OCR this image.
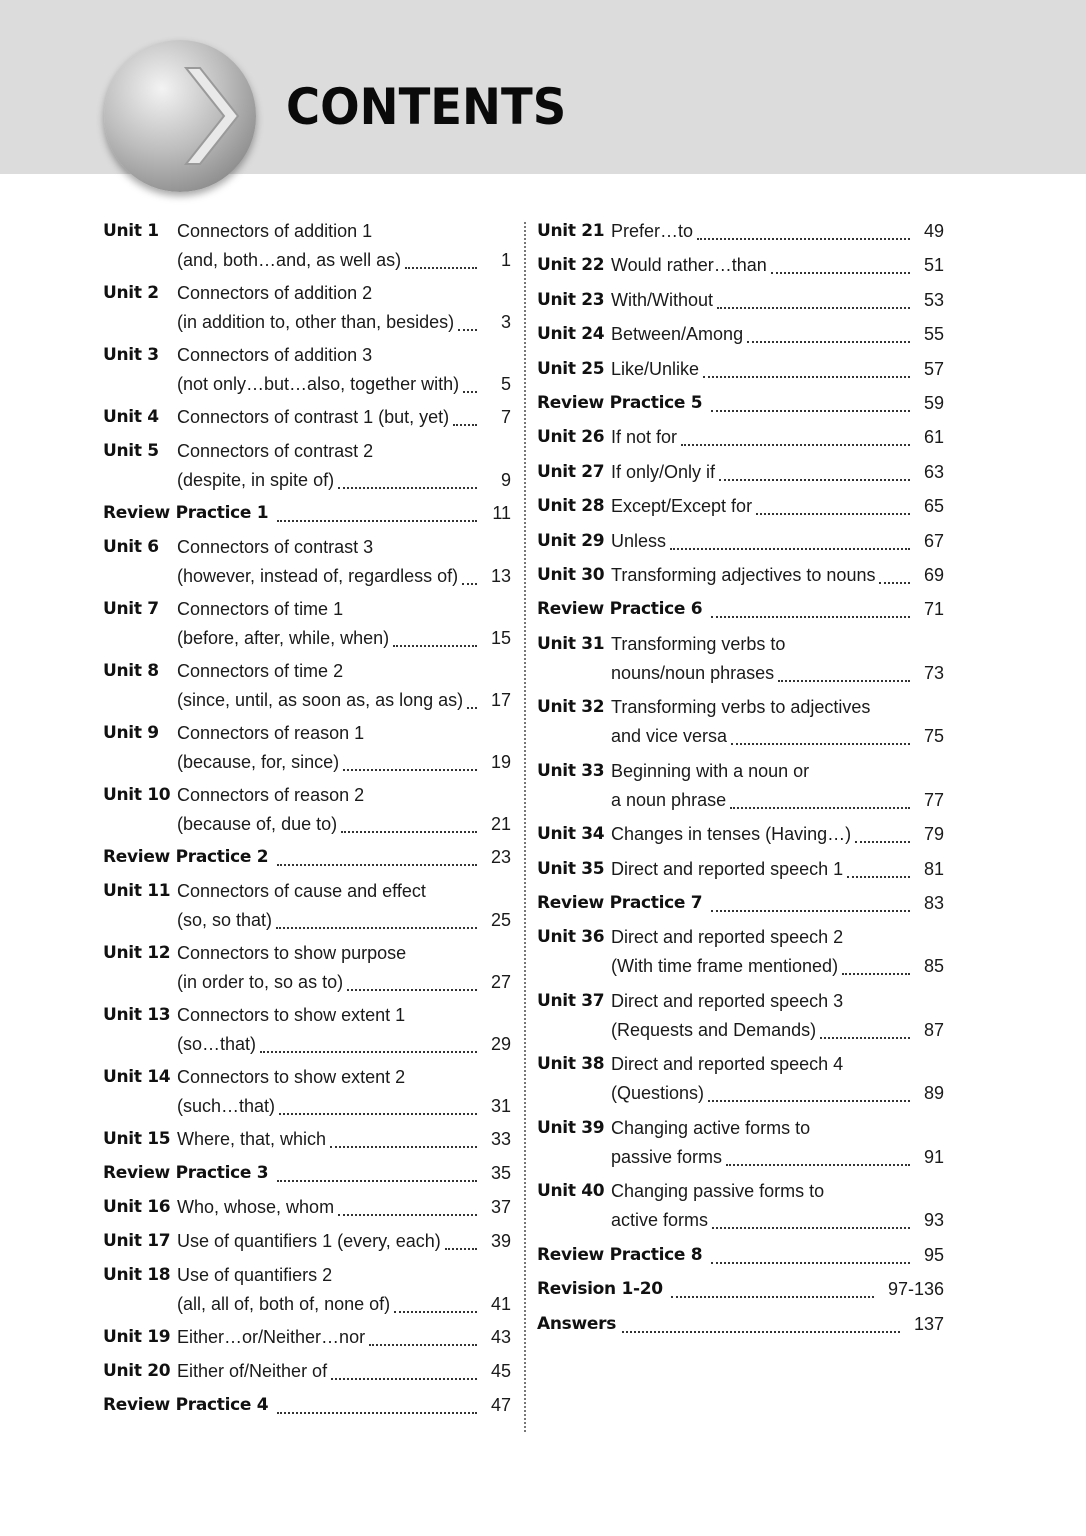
CONTENTS
Unit 1 Connectors of addition 1
(and, both…and, as well as)	1
Unit 2 Connectors of addition 2
(in addition to, other than, besides)	3
Unit 3 Connectors of addition 3
(not only…but…also, together with) 5
Unit 4 Connectors of contrast 1 (but, yet)	7
Unit 5 Connectors of contrast 2
(despite, in spite of)	9
Review Practice 1	11
Unit 6 Connectors of contrast 3
(however, instead of, regardless of) 13
Unit 7 Connectors of time 1
(before, after, while, when)	15
Unit 8 Connectors of time 2
(since, until, as soon as, as long as) 17
Unit 9 Connectors of reason 1
(because, for, since)	19
Unit 10 Connectors of reason 2
(because of, due to)	21
Review Practice 2	23
Unit 11 Connectors of cause and effect
(so, so that)	25
Unit 12 Connectors to show purpose
(in order to, so as to)	27
Unit 13 Connectors to show extent 1
(so…that)	29
Unit 14 Connectors to show extent 2
(such…that)	31
Unit 15 Where, that, which	33
Review Practice 3	35
Unit 16 Who, whose, whom	37
Unit 17 Use of quantifiers 1 (every, each)	39
Unit 18 Use of quantifiers 2
(all, all of, both of, none of)	41
Unit 19 Either…or/Neither…nor	43
Unit 20 Either of/Neither of	45
Review Practice 4	47
Unit 21 Prefer…to	49
Unit 22 Would rather…than	51
Unit 23 With/Without	53
Unit 24 Between/Among	55
Unit 25 Like/Unlike	57
Review Practice 5	59
Unit 26 If not for	61
Unit 27 If only/Only if	63
Unit 28 Except/Except for	65
Unit 29 Unless	67
Unit 30 Transforming adjectives to nouns	69
Review Practice 6	71
Unit 31 Transforming verbs to
nouns/noun phrases	73
Unit 32 Transforming verbs to adjectives
and vice versa	75
Unit 33 Beginning with a noun or
a noun phrase	77
Unit 34 Changes in tenses (Having…)	79
Unit 35 Direct and reported speech 1	81
Review Practice 7	83
Unit 36 Direct and reported speech 2
(With time frame mentioned)	85
Unit 37 Direct and reported speech 3
(Requests and Demands)	87
Unit 38 Direct and reported speech 4
(Questions)	89
Unit 39 Changing active forms to
passive forms	91
Unit 40 Changing passive forms to
active forms	93
Review Practice 8	95
Revision 1-20	97-136
Answers	137
